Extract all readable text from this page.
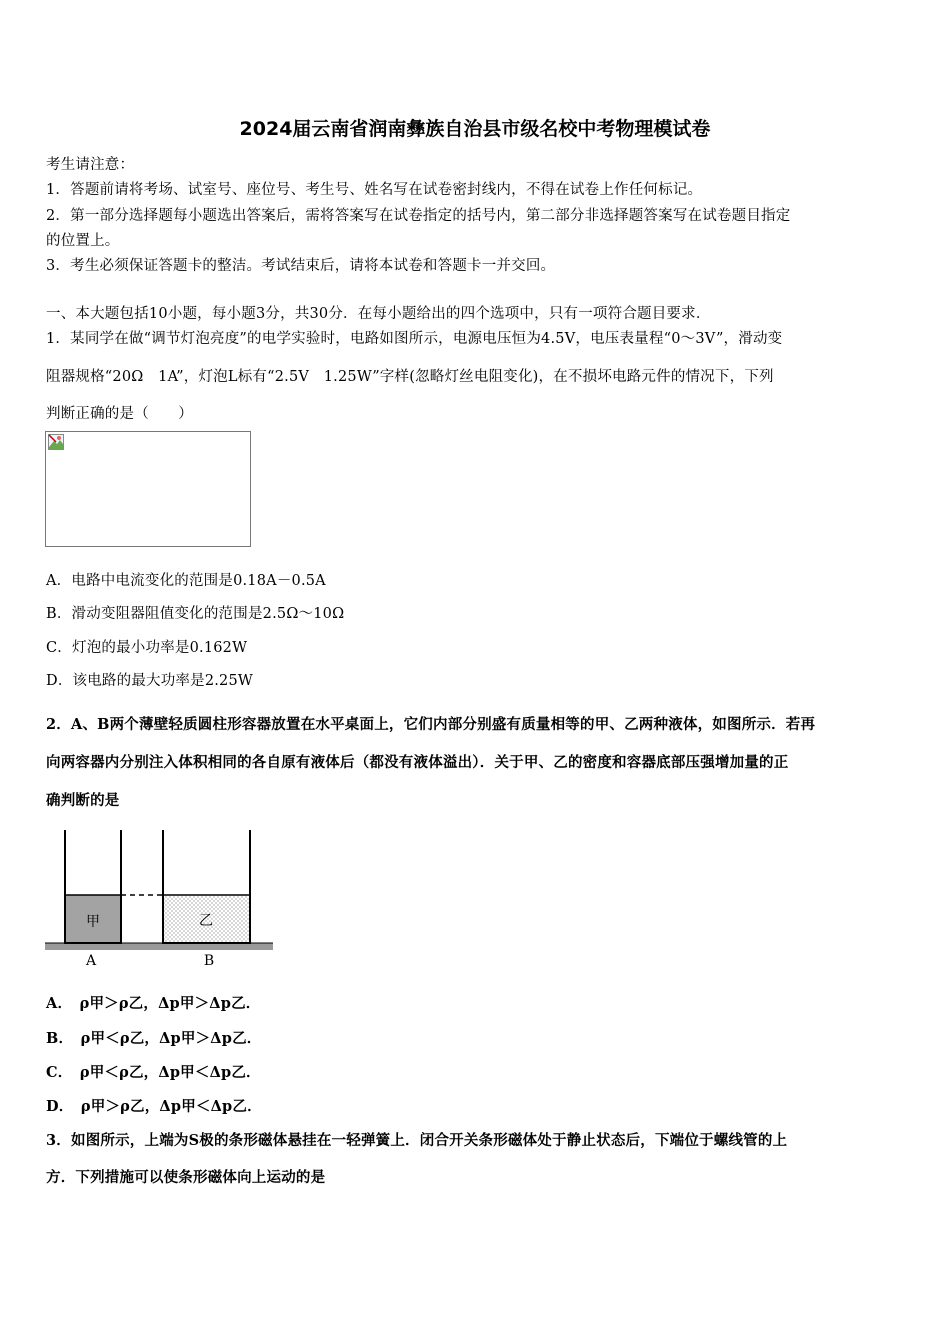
2024届云南省润南彝族自治县市级名校中考物理模试卷
考生请注意：
1．答题前请将考场、试室号、座位号、考生号、姓名写在试卷密封线内，不得在试卷上作任何标记。
2．第一部分选择题每小题选出答案后，需将答案写在试卷指定的括号内，第二部分非选择题答案写在试卷题目指定
的位置上。
3．考生必须保证答题卡的整洁。考试结束后，请将本试卷和答题卡一并交回。
一、本大题包括10小题，每小题3分，共30分．在每小题给出的四个选项中，只有一项符合题目要求．
1．某同学在做“调节灯泡亮度”的电学实验时，电路如图所示，电源电压恒为4.5V，电压表量程“0～3V”，滑动变
阻器规格“20Ω　1A”，灯泡L标有“2.5V　1.25W”字样(忽略灯丝电阻变化)，在不损坏电路元件的情况下，下列
判断正确的是（　　）
A．电路中电流变化的范围是0.18A－0.5A
B．滑动变阻器阻值变化的范围是2.5Ω～10Ω
C．灯泡的最小功率是0.162W
D．该电路的最大功率是2.25W
2．A、B两个薄壁轻质圆柱形容器放置在水平桌面上，它们内部分别盛有质量相等的甲、乙两种液体，如图所示．若再
向两容器内分别注入体积相同的各自原有液体后（都没有液体溢出）．关于甲、乙的密度和容器底部压强增加量的正
确判断的是
甲	乙
A	B
A．　ρ甲＞ρ乙，Δp甲＞Δp乙．
B．　ρ甲＜ρ乙，Δp甲＞Δp乙．
C．　ρ甲＜ρ乙，Δp甲＜Δp乙．
D．　ρ甲＞ρ乙，Δp甲＜Δp乙．
3．如图所示，上端为S极的条形磁体悬挂在一轻弹簧上．闭合开关条形磁体处于静止状态后，下端位于螺线管的上
方．下列措施可以使条形磁体向上运动的是
